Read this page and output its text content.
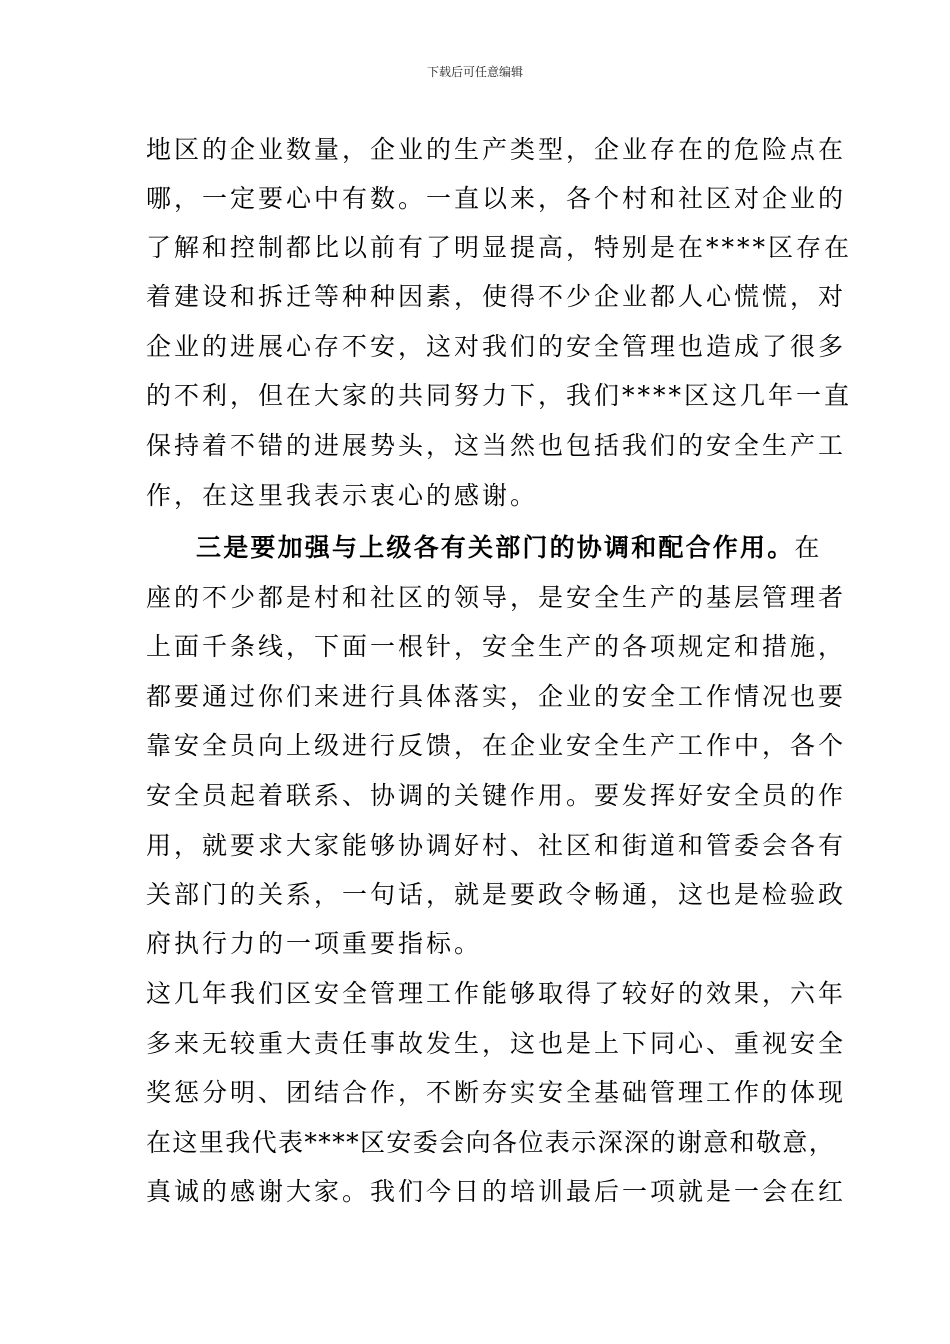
下载后可任意编辑
地区的企业数量，企业的生产类型，企业存在的危险点在
哪，一定要心中有数。一直以来，各个村和社区对企业的
了解和控制都比以前有了明显提高，特别是在****区存在
着建设和拆迁等种种因素，使得不少企业都人心慌慌，对
企业的进展心存不安，这对我们的安全管理也造成了很多
的不利，但在大家的共同努力下，我们****区这几年一直
保持着不错的进展势头，这当然也包括我们的安全生产工
作，在这里我表示衷心的感谢。
三是要加强与上级各有关部门的协调和配合作用。在
座的不少都是村和社区的领导，是安全生产的基层管理者
上面千条线，下面一根针，安全生产的各项规定和措施，
都要通过你们来进行具体落实，企业的安全工作情况也要
靠安全员向上级进行反馈，在企业安全生产工作中，各个
安全员起着联系、协调的关键作用。要发挥好安全员的作
用，就要求大家能够协调好村、社区和街道和管委会各有
关部门的关系，一句话，就是要政令畅通，这也是检验政
府执行力的一项重要指标。
这几年我们区安全管理工作能够取得了较好的效果，六年
多来无较重大责任事故发生，这也是上下同心、重视安全
奖惩分明、团结合作，不断夯实安全基础管理工作的体现
在这里我代表****区安委会向各位表示深深的谢意和敬意，
真诚的感谢大家。我们今日的培训最后一项就是一会在红
